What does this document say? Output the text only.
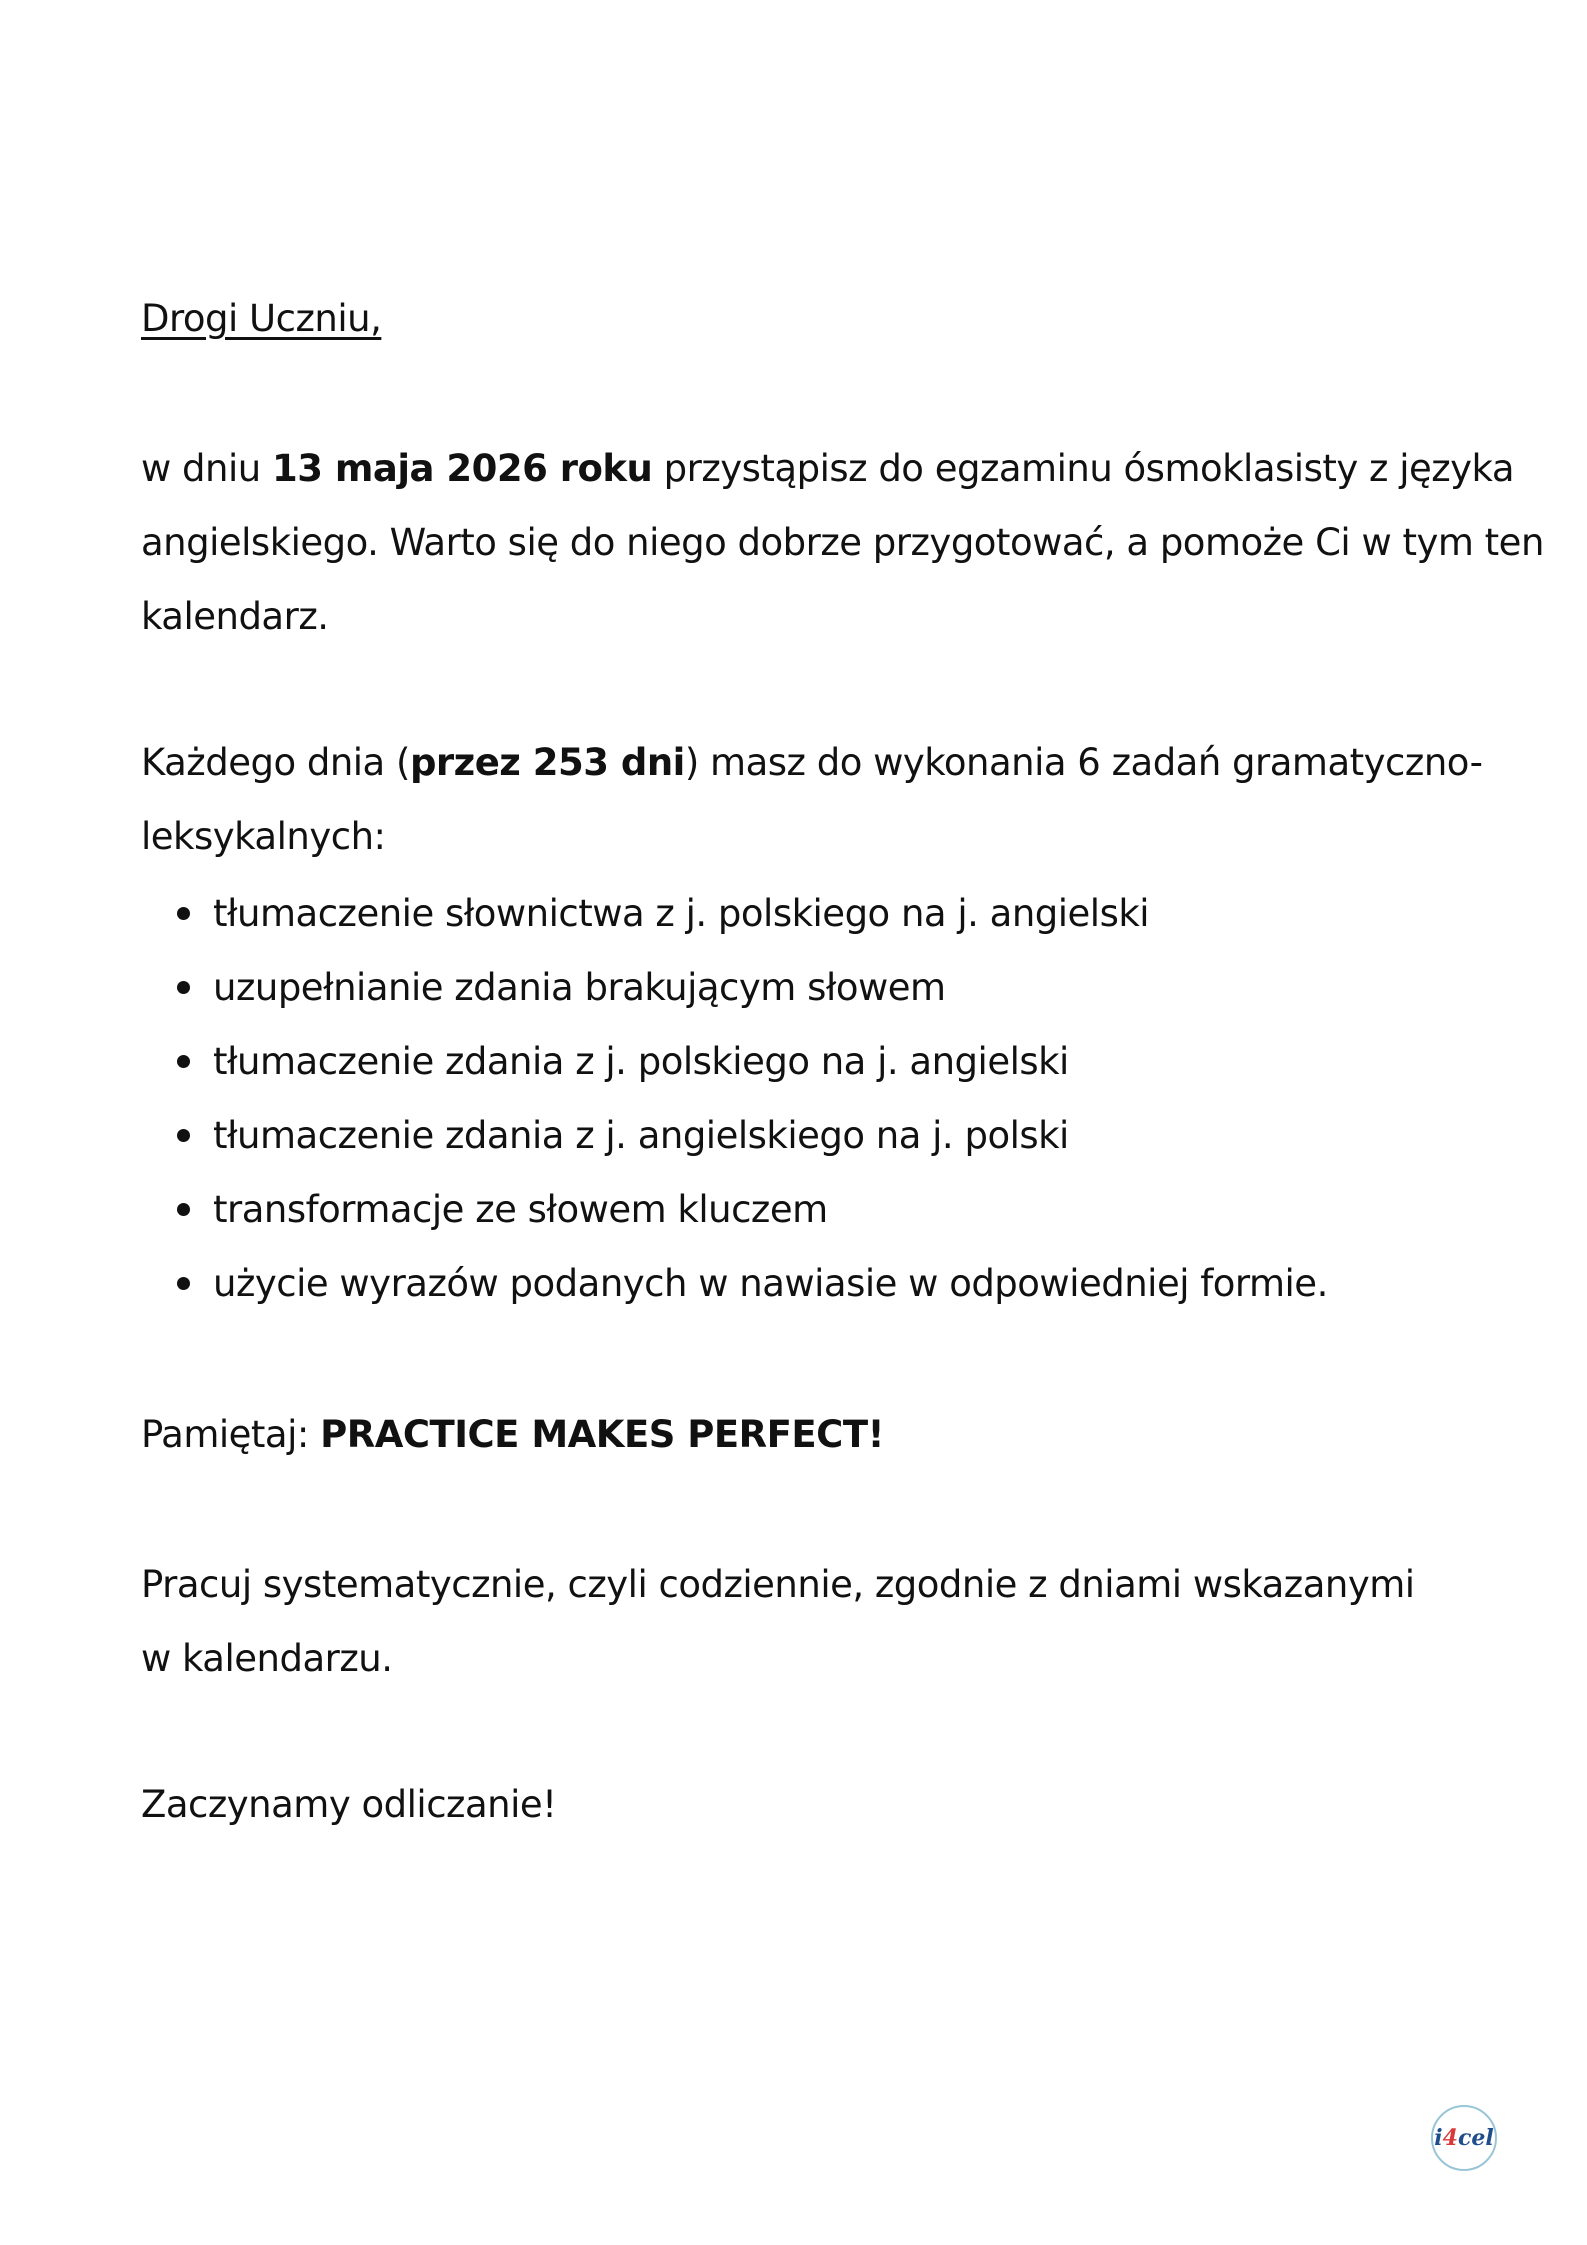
Drogi Uczniu,
w dniu 13 maja 2026 roku przystąpisz do egzaminu ósmoklasisty z języka
angielskiego. Warto się do niego dobrze przygotować, a pomoże Ci w tym ten
kalendarz.
Każdego dnia (przez 253 dni) masz do wykonania 6 zadań gramatyczno-
leksykalnych:
tłumaczenie słownictwa z j. polskiego na j. angielski
uzupełnianie zdania brakującym słowem
tłumaczenie zdania z j. polskiego na j. angielski
tłumaczenie zdania z j. angielskiego na j. polski
transformacje ze słowem kluczem
użycie wyrazów podanych w nawiasie w odpowiedniej formie.
Pamiętaj: PRACTICE MAKES PERFECT!
Pracuj systematycznie, czyli codziennie, zgodnie z dniami wskazanymi
w kalendarzu.
Zaczynamy odliczanie!
i 4 cel
